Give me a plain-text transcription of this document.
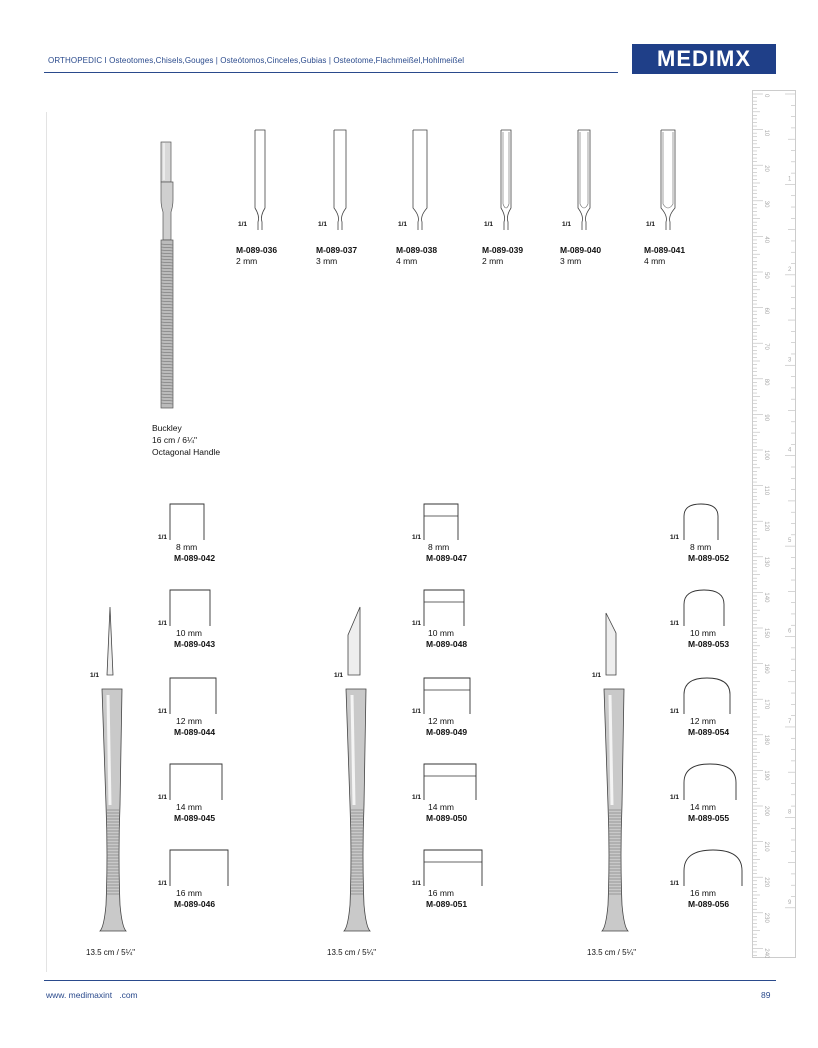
ORTHOPEDIC I Osteotomes,Chisels,Gouges | Osteótomos,Cinceles,Gubias | Osteotome,Flachmeißel,Hohlmeißel	MEDIMX
Buckley
16 cm / 6¼"
Octagonal Handle
0
10
20
30
40
50
60
70
80
90
100
110
120
130
140
150
160
170
180
190
200
210
220
230
240
1
2
3
4
5
6
7
8
9
www. medimaxint   .com	89
1/1
M-089-036
2 mm
1/1
M-089-037
3 mm
1/1
M-089-038
4 mm
1/1
M-089-039
2 mm
1/1
M-089-040
3 mm
1/1
M-089-041
4 mm
1/1
8 mm
M-089-042
1/1
10 mm
M-089-043
1/1
12 mm
M-089-044
1/1
14 mm
M-089-045
1/1
16 mm
M-089-046
1/1
13.5 cm / 5¼"
1/1
8 mm
M-089-047
1/1
10 mm
M-089-048
1/1
12 mm
M-089-049
1/1
14 mm
M-089-050
1/1
16 mm
M-089-051
1/1
13.5 cm / 5¼"
1/1
8 mm
M-089-052
1/1
10 mm
M-089-053
1/1
12 mm
M-089-054
1/1
14 mm
M-089-055
1/1
16 mm
M-089-056
1/1
13.5 cm / 5¼"
